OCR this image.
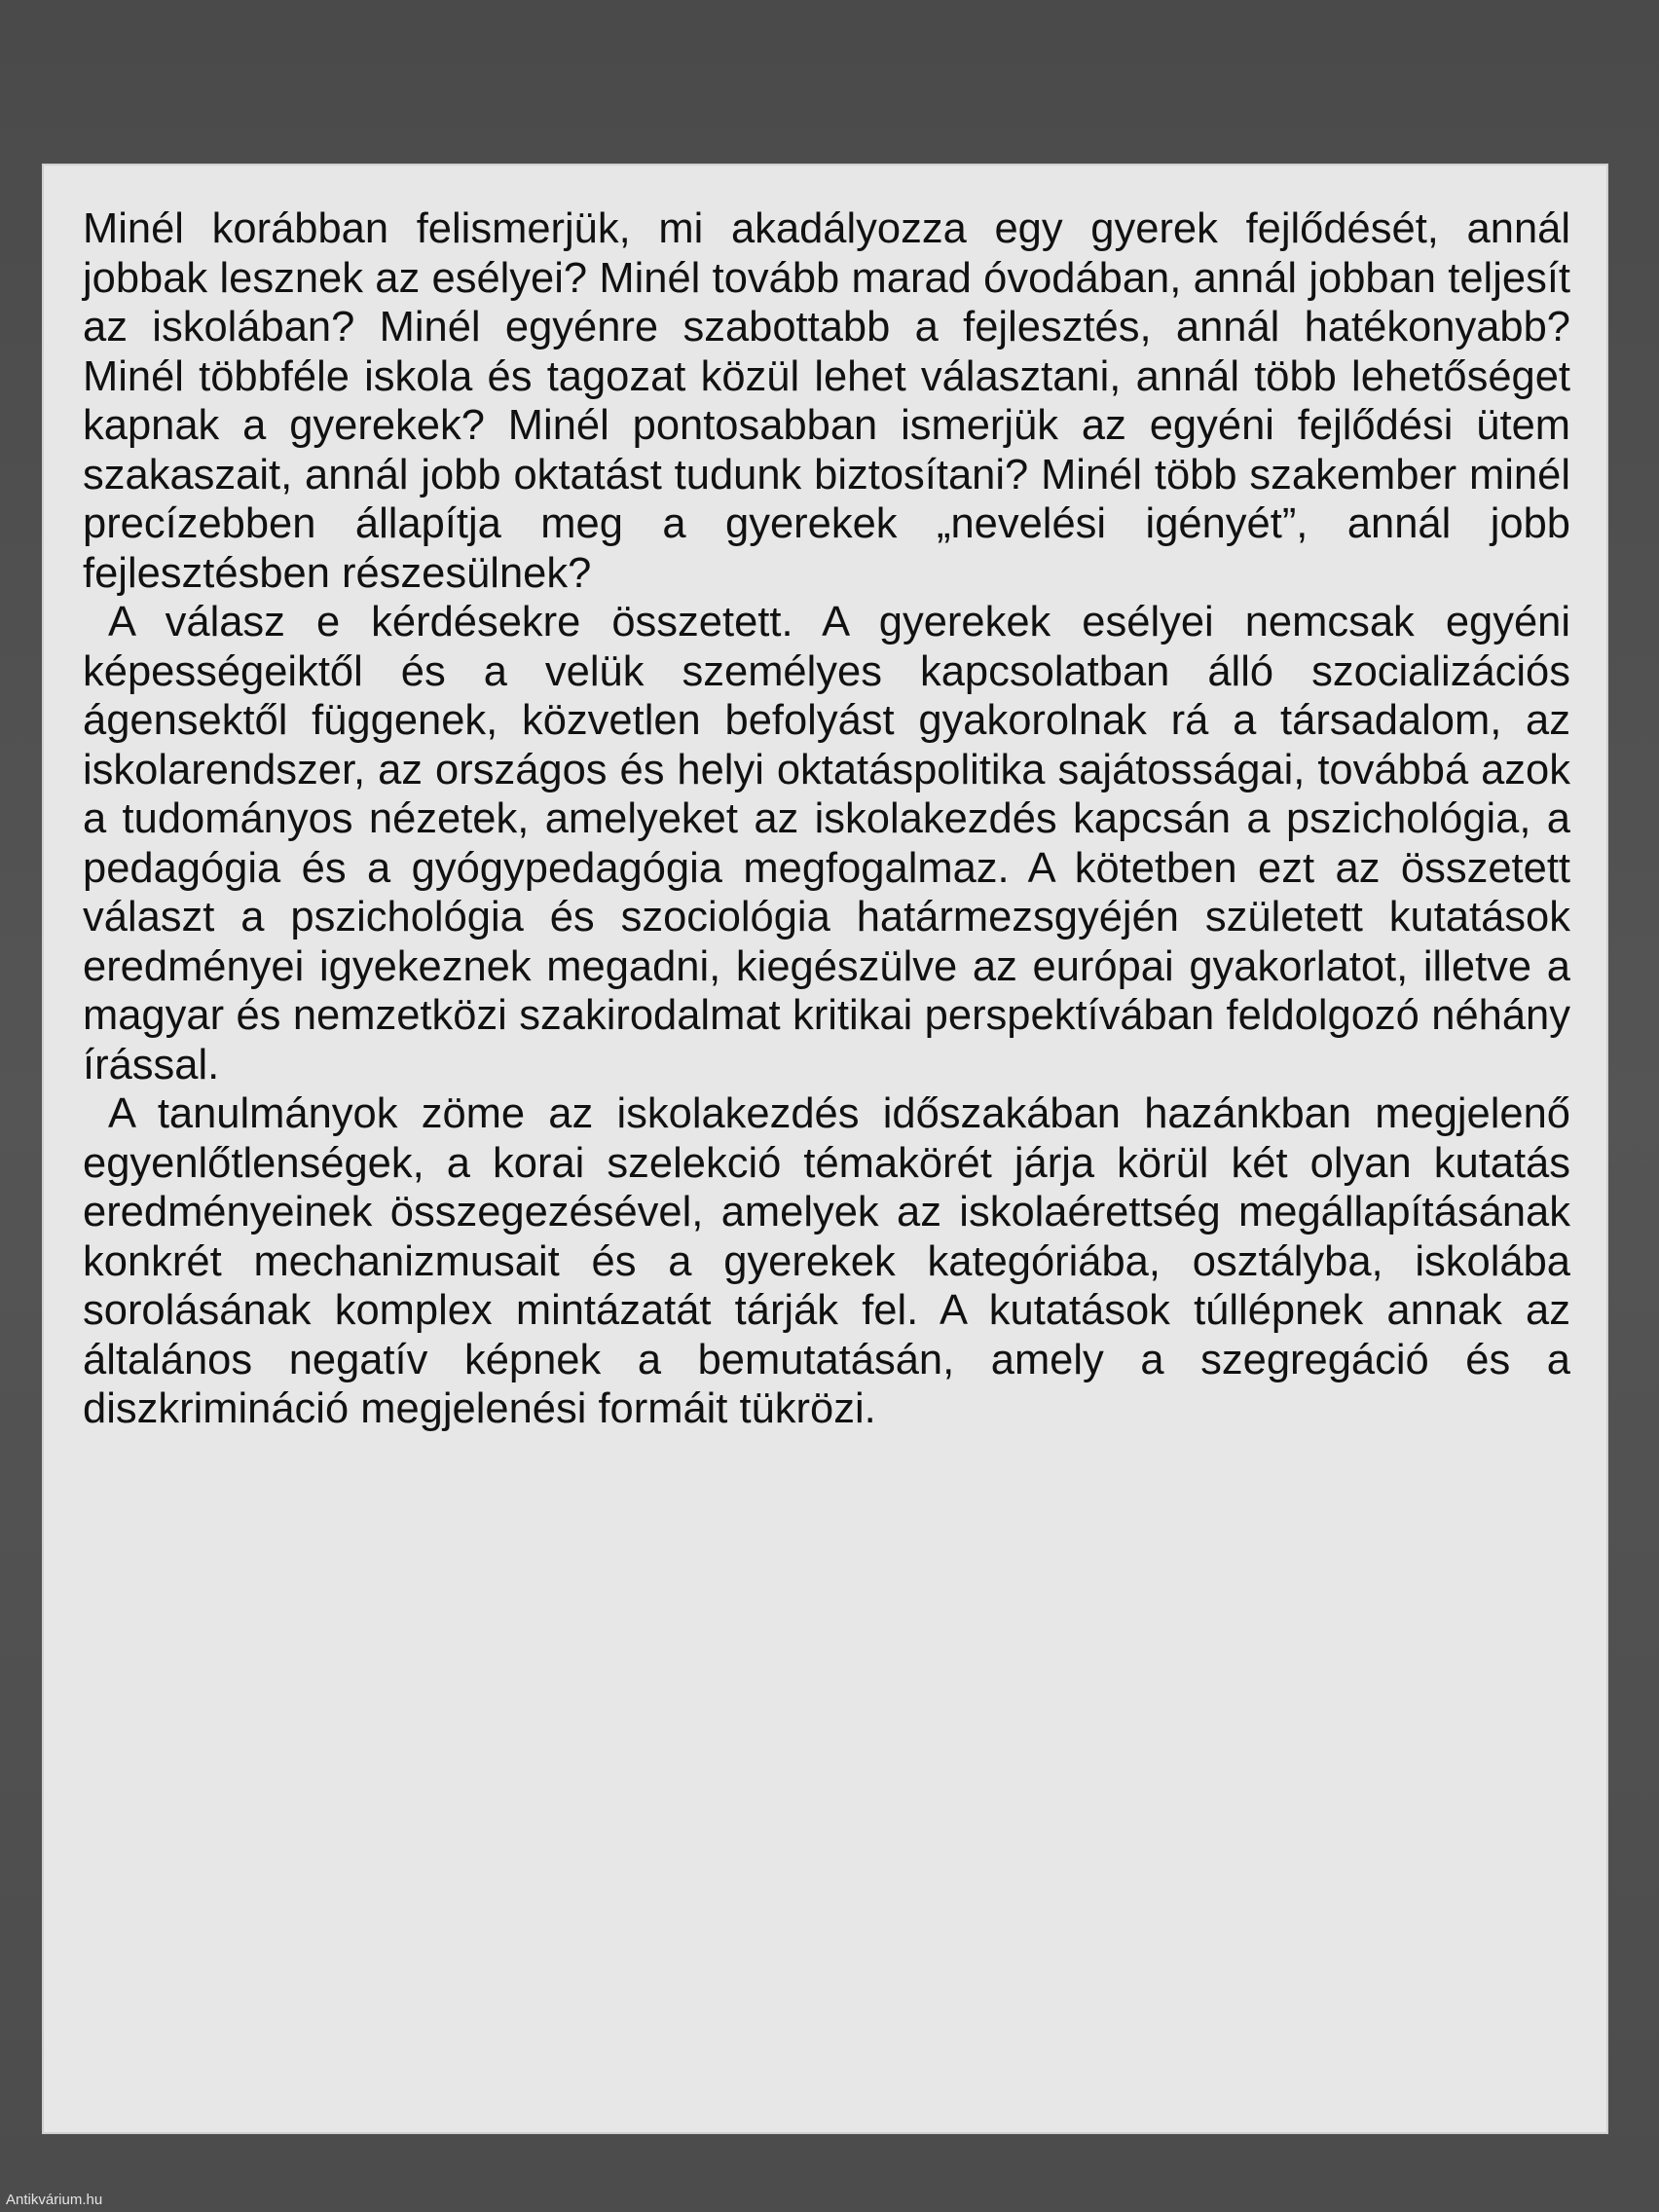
Minél korábban felismerjük, mi akadályozza egy gyerek fejlődését, annál jobbak lesznek az esélyei? Minél tovább marad óvodában, annál jobban teljesít az iskolában? Minél egyénre szabottabb a fejlesztés, annál hatékonyabb? Minél többféle iskola és tagozat közül lehet választani, annál több lehetőséget kapnak a gyerekek? Minél pontosabban ismerjük az egyéni fejlődési ütem szakaszait, annál jobb oktatást tudunk biztosítani? Minél több szakember minél precízebben állapítja meg a gyerekek „nevelési igényét”, annál jobb fejlesztésben részesülnek?

A válasz e kérdésekre összetett. A gyerekek esélyei nemcsak egyéni képességeiktől és a velük személyes kapcsolatban álló szocializációs ágensektől függenek, közvetlen befolyást gyakorolnak rá a társadalom, az iskolarendszer, az országos és helyi oktatáspolitika sajátosságai, továbbá azok a tudományos nézetek, amelyeket az iskolakezdés kapcsán a pszichológia, a pedagógia és a gyógypedagógia megfogalmaz. A kötetben ezt az összetett választ a pszichológia és szociológia határmezsgyéjén született kutatások eredményei igyekeznek megadni, kiegészülve az európai gyakorlatot, illetve a magyar és nemzetközi szakirodalmat kritikai perspektívában feldolgozó néhány írással.

A tanulmányok zöme az iskolakezdés időszakában hazánkban megjelenő egyenlőtlenségek, a korai szelekció témakörét járja körül két olyan kutatás eredményeinek összegezésével, amelyek az iskolaérettség megállapításának konkrét mechanizmusait és a gyerekek kategóriába, osztályba, iskolába sorolásának komplex mintázatát tárják fel. A kutatások túllépnek annak az általános negatív képnek a bemutatásán, amely a szegregáció és a diszkrimináció megjelenési formáit tükrözi.

Antikvárium.hu
